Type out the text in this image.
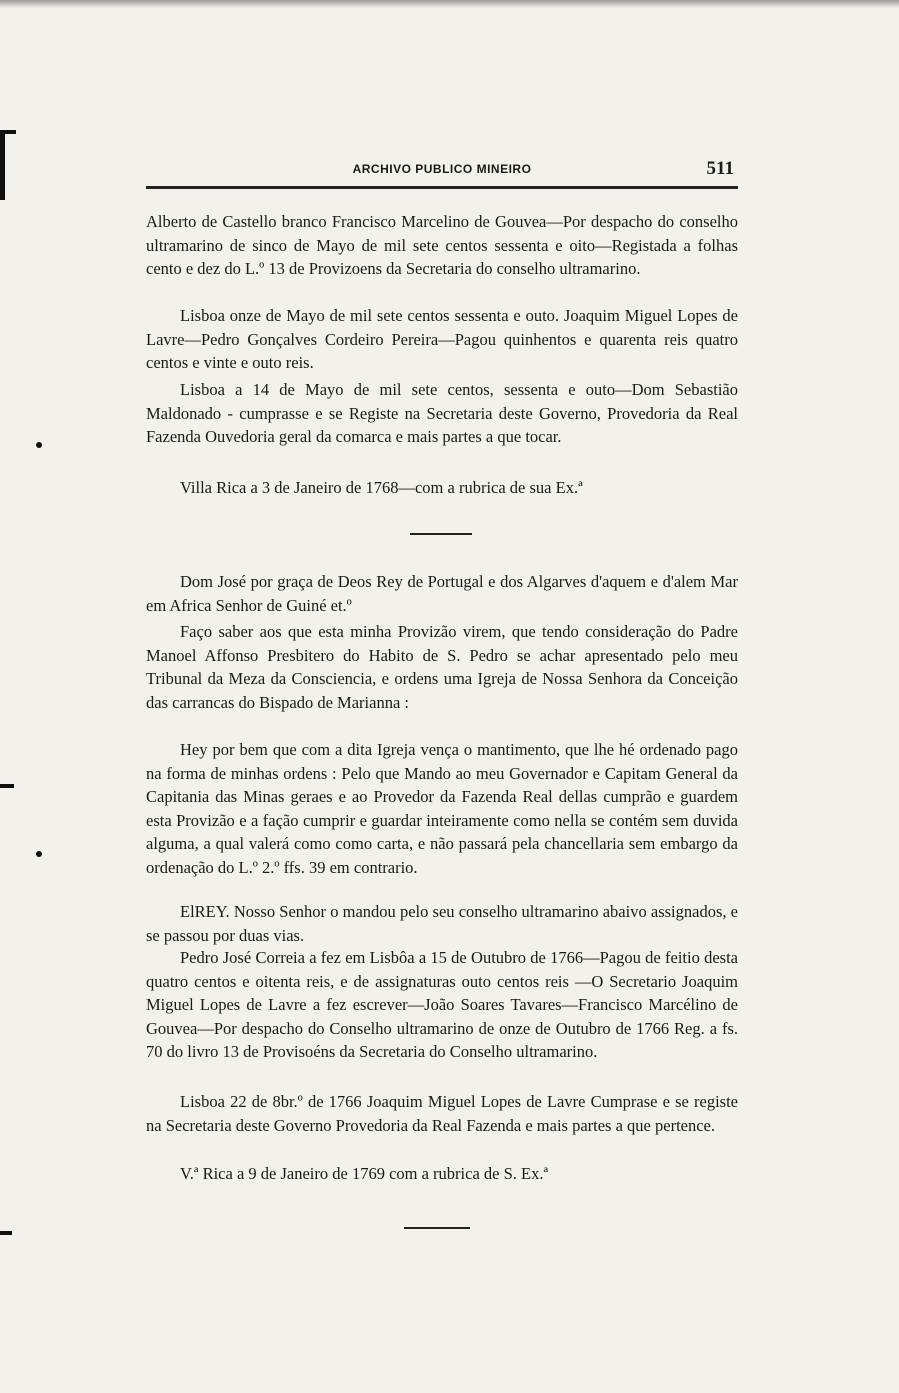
ARCHIVO PUBLICO MINEIRO	511

Alberto de Castello branco Francisco Marcelino de Gouvea—Por despacho do conselho ultramarino de sinco de Mayo de mil sete centos sessenta e oito—Registada a folhas cento e dez do L.º 13 de Provizoens da Secretaria do conselho ultramarino.

Lisboa onze de Mayo de mil sete centos sessenta e outo. Joaquim Miguel Lopes de Lavre—Pedro Gonçalves Cordeiro Pereira—Pagou quinhentos e quarenta reis quatro centos e vinte e outo reis.

Lisboa a 14 de Mayo de mil sete centos, sessenta e outo—Dom Sebastião Maldonado - cumprasse e se Registe na Secretaria deste Governo, Provedoria da Real Fazenda Ouvedoria geral da comarca e mais partes a que tocar.

Villa Rica a 3 de Janeiro de 1768—com a rubrica de sua Ex.ª

Dom José por graça de Deos Rey de Portugal e dos Algarves d'aquem e d'alem Mar em Africa Senhor de Guiné et.º

Faço saber aos que esta minha Provizão virem, que tendo consideração do Padre Manoel Affonso Presbitero do Habito de S. Pedro se achar apresentado pelo meu Tribunal da Meza da Consciencia, e ordens uma Igreja de Nossa Senhora da Conceição das carrancas do Bispado de Marianna :

Hey por bem que com a dita Igreja vença o mantimento, que lhe hé ordenado pago na forma de minhas ordens : Pelo que Mando ao meu Governador e Capitam General da Capitania das Minas geraes e ao Provedor da Fazenda Real dellas cumprão e guardem esta Provizão e a fação cumprir e guardar inteiramente como nella se contém sem duvida alguma, a qual valerá como como carta, e não passará pela chancellaria sem embargo da ordenação do L.º 2.º ffs. 39 em contrario.

ElREY. Nosso Senhor o mandou pelo seu conselho ultramarino abaivo assignados, e se passou por duas vias.

Pedro José Correia a fez em Lisbôa a 15 de Outubro de 1766—Pagou de feitio desta quatro centos e oitenta reis, e de assignaturas outo centos reis —O Secretario Joaquim Miguel Lopes de Lavre a fez escrever—João Soares Tavares—Francisco Marcélino de Gouvea—Por despacho do Conselho ultramarino de onze de Outubro de 1766 Reg. a fs. 70 do livro 13 de Provisoéns da Secretaria do Conselho ultramarino.

Lisboa 22 de 8br.º de 1766 Joaquim Miguel Lopes de Lavre Cumprase e se registe na Secretaria deste Governo Provedoria da Real Fazenda e mais partes a que pertence.

V.ª Rica a 9 de Janeiro de 1769 com a rubrica de S. Ex.ª
